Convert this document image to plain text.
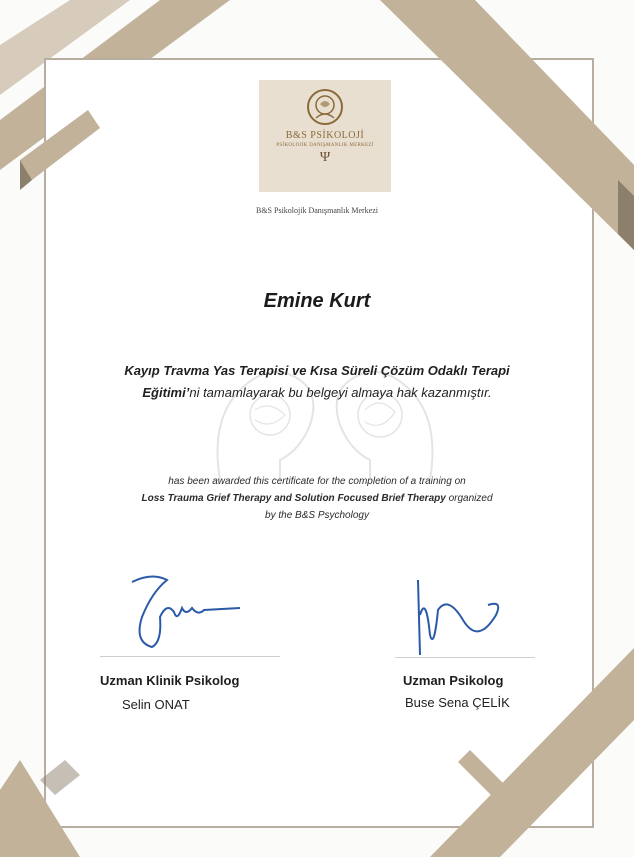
B&S PSİKOLOJİ
PSİKOLOJİK DANIŞMANLIK MERKEZİ
Ψ
B&S Psikolojik Danışmanlık Merkezi
Emine Kurt
Kayıp Travma Yas Terapisi ve Kısa Süreli Çözüm Odaklı Terapi
Eğitimi’ni tamamlayarak bu belgeyi almaya hak kazanmıştır.
has been awarded this certificate for the completion of a training on
Loss Trauma Grief Therapy and Solution Focused Brief Therapy organized
by the B&S Psychology
Uzman Klinik Psikolog
Selin ONAT
Uzman Psikolog
Buse Sena ÇELİK
